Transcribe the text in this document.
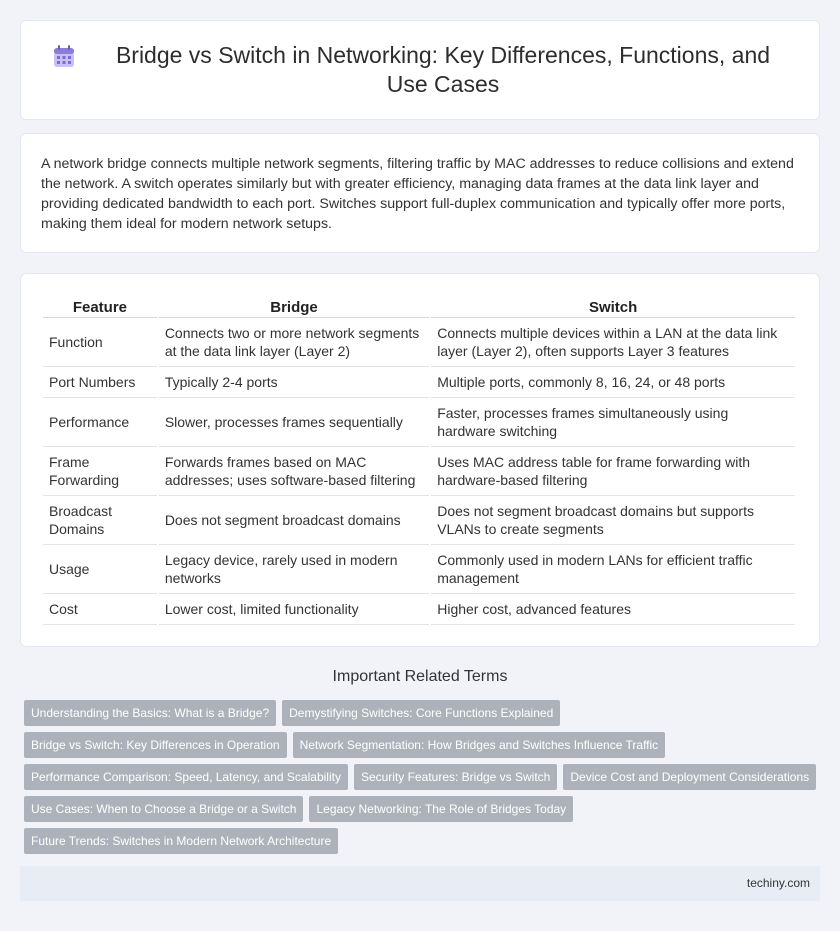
Bridge vs Switch in Networking: Key Differences, Functions, and Use Cases

A network bridge connects multiple network segments, filtering traffic by MAC addresses to reduce collisions and extend the network. A switch operates similarly but with greater efficiency, managing data frames at the data link layer and providing dedicated bandwidth to each port. Switches support full-duplex communication and typically offer more ports, making them ideal for modern network setups.

Feature	Bridge	Switch
Function	Connects two or more network segments at the data link layer (Layer 2)	Connects multiple devices within a LAN at the data link layer (Layer 2), often supports Layer 3 features
Port Numbers	Typically 2-4 ports	Multiple ports, commonly 8, 16, 24, or 48 ports
Performance	Slower, processes frames sequentially	Faster, processes frames simultaneously using hardware switching
Frame Forwarding	Forwards frames based on MAC addresses; uses software-based filtering	Uses MAC address table for frame forwarding with hardware-based filtering
Broadcast Domains	Does not segment broadcast domains	Does not segment broadcast domains but supports VLANs to create segments
Usage	Legacy device, rarely used in modern networks	Commonly used in modern LANs for efficient traffic management
Cost	Lower cost, limited functionality	Higher cost, advanced features
Important Related Terms
Understanding the Basics: What is a Bridge?	Demystifying Switches: Core Functions Explained
Bridge vs Switch: Key Differences in Operation	Network Segmentation: How Bridges and Switches Influence Traffic
Performance Comparison: Speed, Latency, and Scalability	Security Features: Bridge vs Switch	Device Cost and Deployment Considerations
Use Cases: When to Choose a Bridge or a Switch	Legacy Networking: The Role of Bridges Today
Future Trends: Switches in Modern Network Architecture
techiny.com
